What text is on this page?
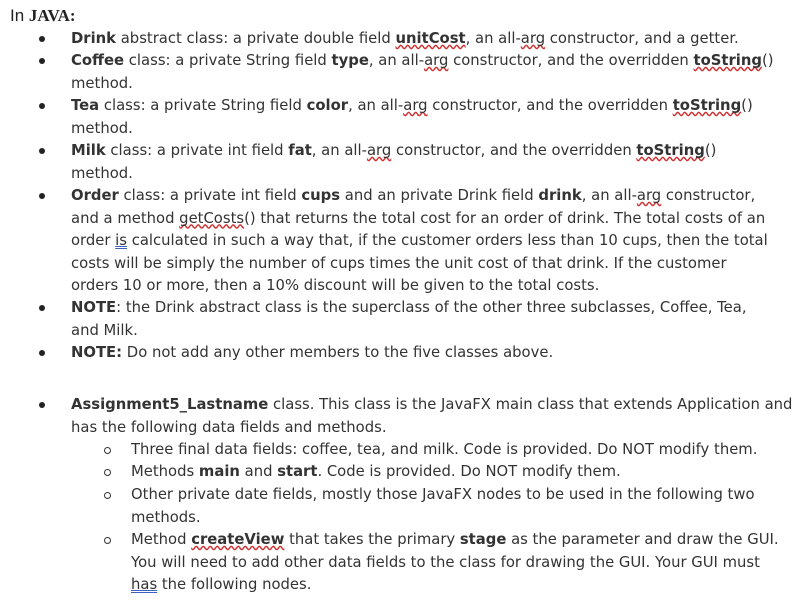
In JAVA:
Drink abstract class: a private double field unitCost, an all-arg constructor, and a getter.
Coffee class: a private String field type, an all-arg constructor, and the overridden toString()
method.
Tea class: a private String field color, an all-arg constructor, and the overridden toString()
method.
Milk class: a private int field fat, an all-arg constructor, and the overridden toString()
method.
Order class: a private int field cups and an private Drink field drink, an all-arg constructor,
and a method getCosts() that returns the total cost for an order of drink. The total costs of an
order is calculated in such a way that, if the customer orders less than 10 cups, then the total
costs will be simply the number of cups times the unit cost of that drink. If the customer
orders 10 or more, then a 10% discount will be given to the total costs.
NOTE: the Drink abstract class is the superclass of the other three subclasses, Coffee, Tea,
and Milk.
NOTE: Do not add any other members to the five classes above.
Assignment5_Lastname class. This class is the JavaFX main class that extends Application and
has the following data fields and methods.
Three final data fields: coffee, tea, and milk. Code is provided. Do NOT modify them.
Methods main and start. Code is provided. Do NOT modify them.
Other private date fields, mostly those JavaFX nodes to be used in the following two
methods.
Method createView that takes the primary stage as the parameter and draw the GUI.
You will need to add other data fields to the class for drawing the GUI. Your GUI must
has the following nodes.
